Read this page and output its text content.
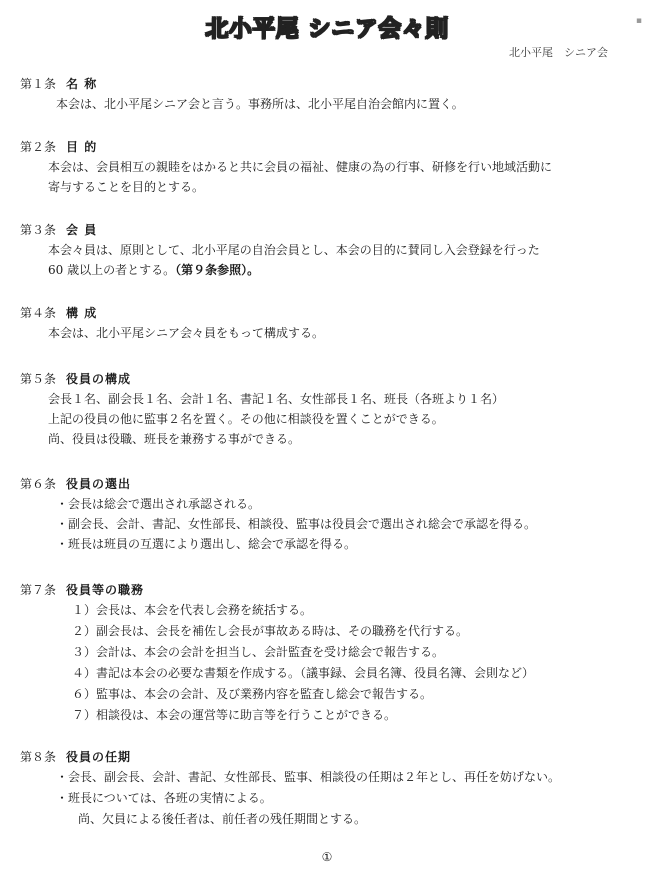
北小平尾 シニア会々則	▪
北小平尾　シニア会
第１条 名 称
本会は、北小平尾シニア会と言う。事務所は、北小平尾自治会館内に置く。
第２条 目 的
本会は、会員相互の親睦をはかると共に会員の福祉、健康の為の行事、研修を行い地域活動に
寄与することを目的とする。
第３条 会 員
本会々員は、原則として、北小平尾の自治会員とし、本会の目的に賛同し入会登録を行った
60 歳以上の者とする。（第９条参照）。
第４条 構 成
本会は、北小平尾シニア会々員をもって構成する。
第５条 役員の構成
会長１名、副会長１名、会計１名、書記１名、女性部長１名、班長（各班より１名）
上記の役員の他に監事２名を置く。その他に相談役を置くことができる。
尚、役員は役職、班長を兼務する事ができる。
第６条 役員の選出
・会長は総会で選出され承認される。
・副会長、会計、書記、女性部長、相談役、監事は役員会で選出され総会で承認を得る。
・班長は班員の互選により選出し、総会で承認を得る。
第７条 役員等の職務
１）会長は、本会を代表し会務を統括する。
２）副会長は、会長を補佐し会長が事故ある時は、その職務を代行する。
３）会計は、本会の会計を担当し、会計監査を受け総会で報告する。
４）書記は本会の必要な書類を作成する。（議事録、会員名簿、役員名簿、会則など）
６）監事は、本会の会計、及び業務内容を監査し総会で報告する。
７）相談役は、本会の運営等に助言等を行うことができる。
第８条 役員の任期
・会長、副会長、会計、書記、女性部長、監事、相談役の任期は２年とし、再任を妨げない。
・班長については、各班の実情による。
尚、欠員による後任者は、前任者の残任期間とする。
①
